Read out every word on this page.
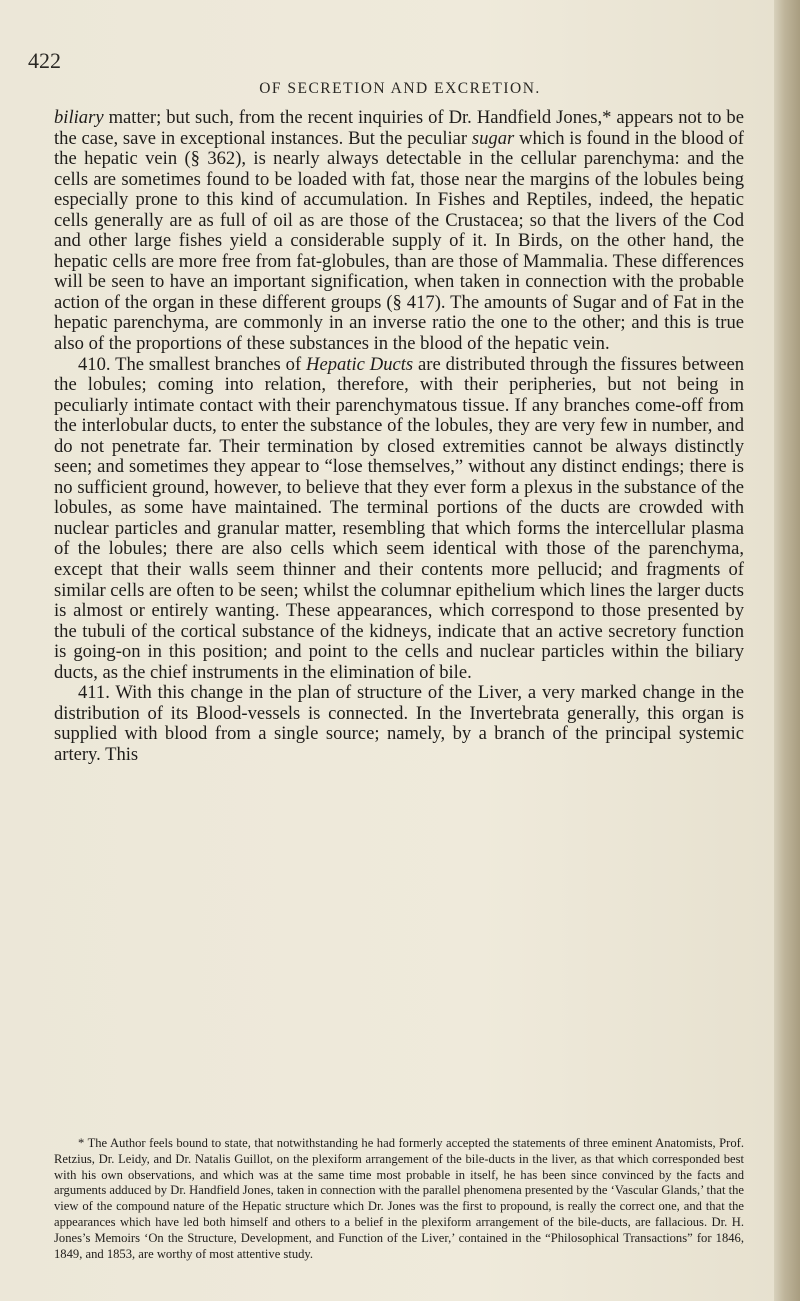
422
OF SECRETION AND EXCRETION.

biliary matter; but such, from the recent inquiries of Dr. Handfield Jones,* appears not to be the case, save in exceptional instances. But the peculiar sugar which is found in the blood of the hepatic vein (§ 362), is nearly always detectable in the cellular parenchyma: and the cells are sometimes found to be loaded with fat, those near the margins of the lobules being especially prone to this kind of accumulation. In Fishes and Reptiles, indeed, the hepatic cells generally are as full of oil as are those of the Crustacea; so that the livers of the Cod and other large fishes yield a considerable supply of it. In Birds, on the other hand, the hepatic cells are more free from fat-globules, than are those of Mammalia. These differences will be seen to have an important signification, when taken in connection with the probable action of the organ in these different groups (§ 417). The amounts of Sugar and of Fat in the hepatic parenchyma, are commonly in an inverse ratio the one to the other; and this is true also of the proportions of these substances in the blood of the hepatic vein.

410. The smallest branches of Hepatic Ducts are distributed through the fissures between the lobules; coming into relation, therefore, with their peripheries, but not being in peculiarly intimate contact with their parenchymatous tissue. If any branches come-off from the interlobular ducts, to enter the substance of the lobules, they are very few in number, and do not penetrate far. Their termination by closed extremities cannot be always distinctly seen; and sometimes they appear to “lose themselves,” without any distinct endings; there is no sufficient ground, however, to believe that they ever form a plexus in the substance of the lobules, as some have maintained. The terminal portions of the ducts are crowded with nuclear particles and granular matter, resembling that which forms the intercellular plasma of the lobules; there are also cells which seem identical with those of the parenchyma, except that their walls seem thinner and their contents more pellucid; and fragments of similar cells are often to be seen; whilst the columnar epithelium which lines the larger ducts is almost or entirely wanting. These appearances, which correspond to those presented by the tubuli of the cortical substance of the kidneys, indicate that an active secretory function is going-on in this position; and point to the cells and nuclear particles within the biliary ducts, as the chief instruments in the elimination of bile.

411. With this change in the plan of structure of the Liver, a very marked change in the distribution of its Blood-vessels is connected. In the Invertebrata generally, this organ is supplied with blood from a single source; namely, by a branch of the principal systemic artery. This

* The Author feels bound to state, that notwithstanding he had formerly accepted the statements of three eminent Anatomists, Prof. Retzius, Dr. Leidy, and Dr. Natalis Guillot, on the plexiform arrangement of the bile-ducts in the liver, as that which corresponded best with his own observations, and which was at the same time most probable in itself, he has been since convinced by the facts and arguments adduced by Dr. Handfield Jones, taken in connection with the parallel phenomena presented by the ‘Vascular Glands,’ that the view of the compound nature of the Hepatic structure which Dr. Jones was the first to propound, is really the correct one, and that the appearances which have led both himself and others to a belief in the plexiform arrangement of the bile-ducts, are fallacious. Dr. H. Jones’s Memoirs ‘On the Structure, Development, and Function of the Liver,’ contained in the “Philosophical Transactions” for 1846, 1849, and 1853, are worthy of most attentive study.
